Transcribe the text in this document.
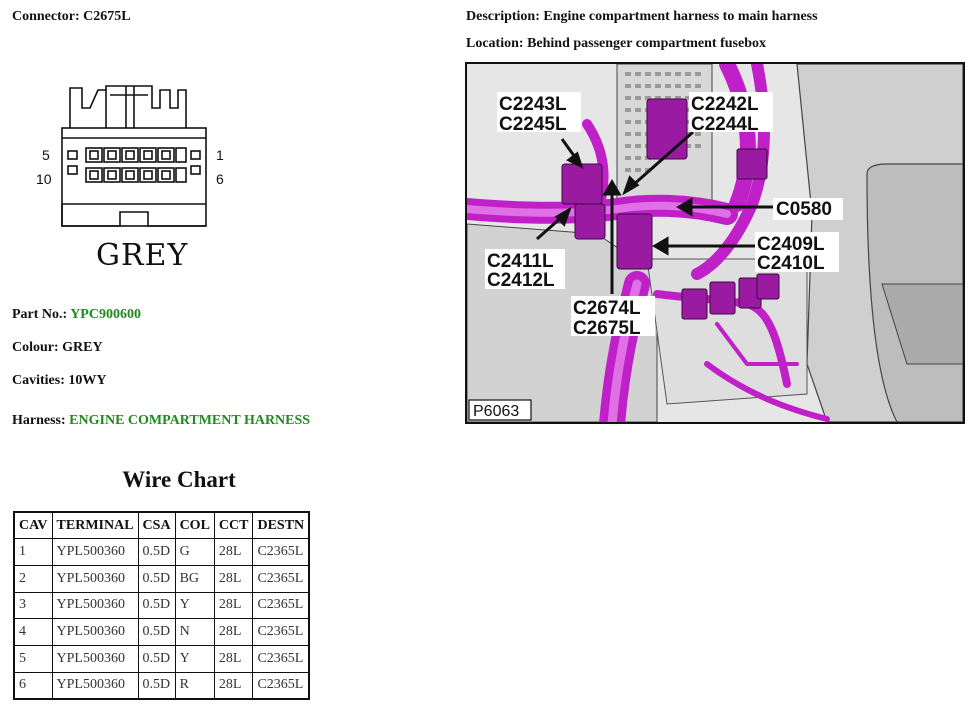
Connector: C2675L	Description: Engine compartment harness to main harness
Location: Behind passenger compartment fusebox
5
10
1
6
GREY
Part No.: YPC900600
Colour: GREY
Cavities: 10WY
Harness: ENGINE COMPARTMENT HARNESS
C2243L
C2245L
C2242L
C2244L
C0580
C2409L
C2410L
C2411L
C2412L
C2674L
C2675L
P6063
Wire Chart
CAV	TERMINAL	CSA	COL	CCT	DESTN
1	YPL500360	0.5D	G	28L	C2365L
2	YPL500360	0.5D	BG	28L	C2365L
3	YPL500360	0.5D	Y	28L	C2365L
4	YPL500360	0.5D	N	28L	C2365L
5	YPL500360	0.5D	Y	28L	C2365L
6	YPL500360	0.5D	R	28L	C2365L
